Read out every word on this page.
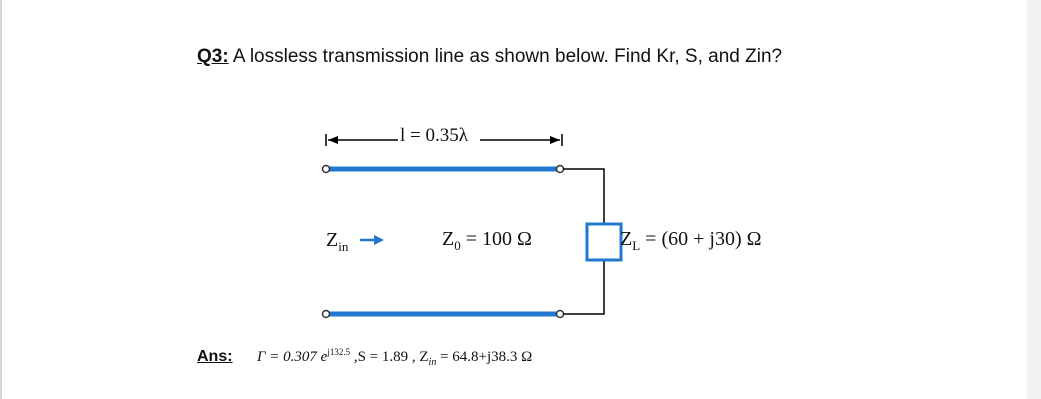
Q3: A lossless transmission line as shown below. Find Kr, S, and Zin?
l = 0.35λ
$Z_{in}$	$Z_0 = 100$ Ω	$Z_L = (60 + j30)$ Ω
Ans: Γ = 0.307 $e^{j132.5}$ ,S = 1.89 , $Z_{in} = 64.8+j38.3$ Ω
